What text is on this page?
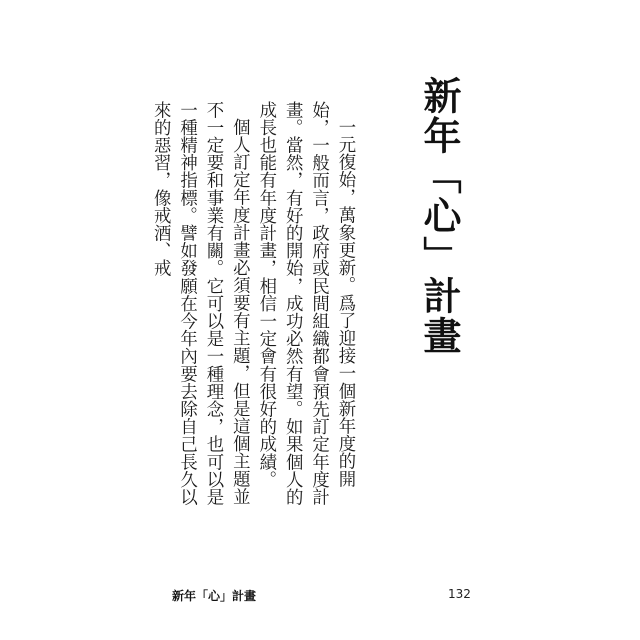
新年「心」計畫

一元復始，萬象更新。爲了迎接一個新年度的開始，一般而言，政府或民間組織都會預先訂定年度計畫。當然，有好的開始，成功必然有望。如果個人的成長也能有年度計畫，相信一定會有很好的成績。

個人訂定年度計畫必須要有主題，但是這個主題並不一定要和事業有關。它可以是一種理念，也可以是一種精神指標。譬如發願在今年內要去除自己長久以來的惡習，像戒酒、戒

新年「心」計畫	132
